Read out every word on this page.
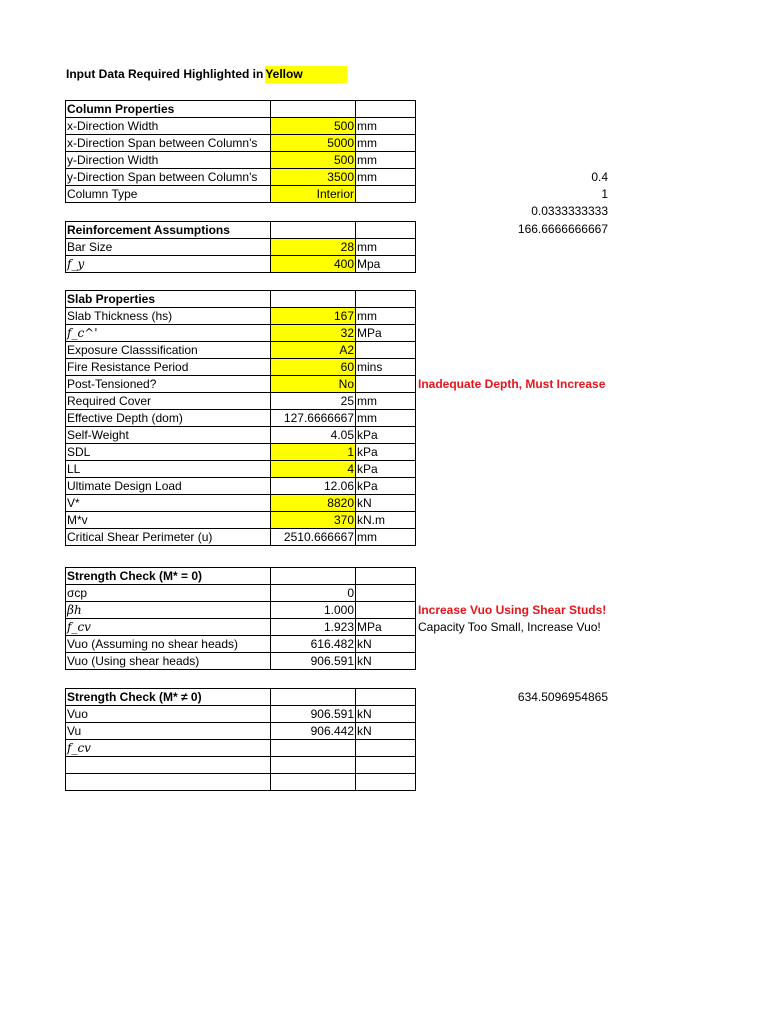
Input Data Required Highlighted in Yellow
Column Properties		
x-Direction Width	500	mm
x-Direction Span between Column's	5000	mm
y-Direction Width	500	mm
y-Direction Span between Column's	3500	mm
Column Type	Interior	
Reinforcement Assumptions		
Bar Size	28	mm
f_y	400	Mpa
Slab Properties		
Slab Thickness (hs)	167	mm
f_c^'	32	MPa
Exposure Classsification	A2	
Fire Resistance Period	60	mins
Post-Tensioned?	No	
Required Cover	25	mm
Effective Depth (dom)	127.6666667	mm
Self-Weight	4.05	kPa
SDL	1	kPa
LL	4	kPa
Ultimate Design Load	12.06	kPa
V*	8820	kN
M*v	370	kN.m
Critical Shear Perimeter (u)	2510.666667	mm
Strength Check (M* = 0)		
σcp	0	
βh	1.000	
f_cv	1.923	MPa
Vuo (Assuming no shear heads)	616.482	kN
Vuo (Using shear heads)	906.591	kN
Strength Check (M* ≠ 0)		
Vuo	906.591	kN
Vu	906.442	kN
f_cv		

0.4
1
0.0333333333
166.6666666667
634.5096954865
Inadequate Depth, Must Increase
Increase Vuo Using Shear Studs!
Capacity Too Small, Increase Vuo!
